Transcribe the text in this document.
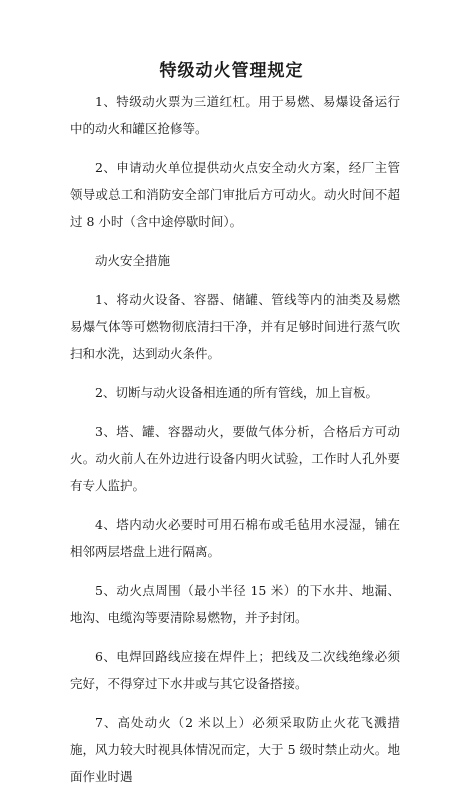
特级动火管理规定

1、特级动火票为三道红杠。用于易燃、易爆设备运行中的动火和罐区抢修等。

2、申请动火单位提供动火点安全动火方案，经厂主管领导或总工和消防安全部门审批后方可动火。动火时间不超过 8 小时（含中途停歇时间）。

动火安全措施

1、将动火设备、容器、储罐、管线等内的油类及易燃易爆气体等可燃物彻底清扫干净，并有足够时间进行蒸气吹扫和水洗，达到动火条件。

2、切断与动火设备相连通的所有管线，加上盲板。

3、塔、罐、容器动火，要做气体分析，合格后方可动火。动火前人在外边进行设备内明火试验，工作时人孔外要有专人监护。

4、塔内动火必要时可用石棉布或毛毡用水浸湿，铺在相邻两层塔盘上进行隔离。

5、动火点周围（最小半径 15 米）的下水井、地漏、地沟、电缆沟等要清除易燃物，并予封闭。

6、电焊回路线应接在焊件上；把线及二次线绝缘必须完好，不得穿过下水井或与其它设备搭接。

7、高处动火（2 米以上）必须采取防止火花飞溅措施，风力较大时视具体情况而定，大于 5 级时禁止动火。地面作业时遇
